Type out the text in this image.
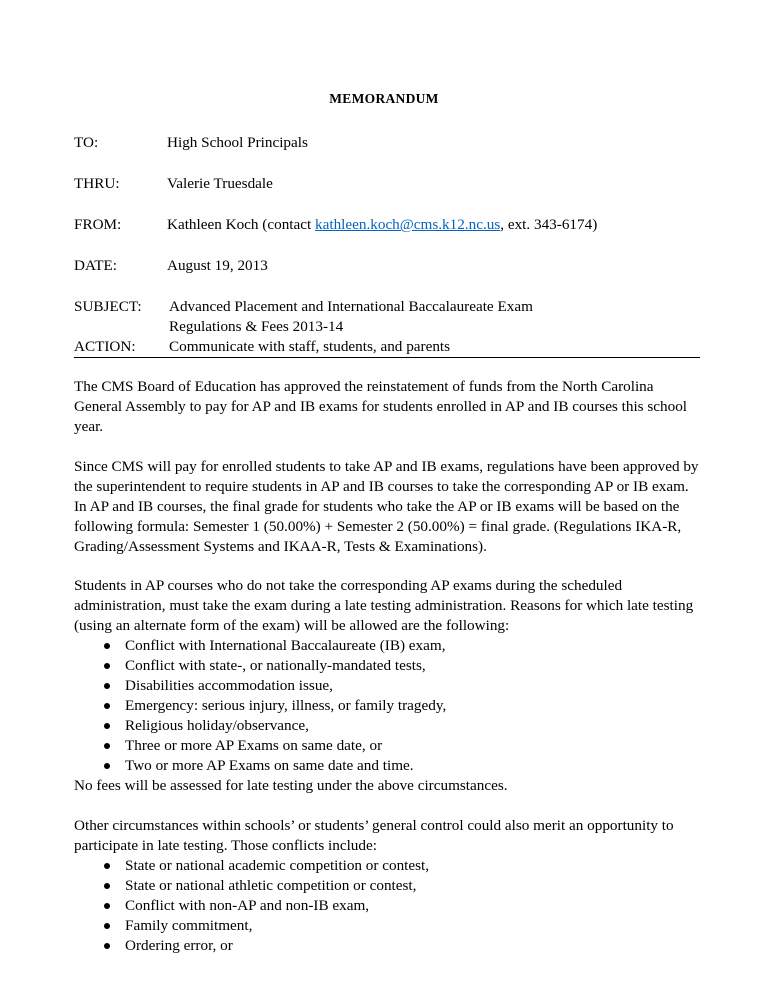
MEMORANDUM
TO:	High School Principals
THRU:	Valerie Truesdale
FROM:	Kathleen Koch (contact kathleen.koch@cms.k12.nc.us, ext. 343-6174)
DATE:	August 19, 2013
SUBJECT: Advanced Placement and International Baccalaureate Exam
Regulations & Fees 2013-14
ACTION: Communicate with staff, students, and parents
The CMS Board of Education has approved the reinstatement of funds from the North Carolina
General Assembly to pay for AP and IB exams for students enrolled in AP and IB courses this school
year.
Since CMS will pay for enrolled students to take AP and IB exams, regulations have been approved by
the superintendent to require students in AP and IB courses to take the corresponding AP or IB exam.
In AP and IB courses, the final grade for students who take the AP or IB exams will be based on the
following formula: Semester 1 (50.00%) + Semester 2 (50.00%) = final grade. (Regulations IKA-R,
Grading/Assessment Systems and IKAA-R, Tests & Examinations).
Students in AP courses who do not take the corresponding AP exams during the scheduled
administration, must take the exam during a late testing administration. Reasons for which late testing
(using an alternate form of the exam) will be allowed are the following:
Conflict with International Baccalaureate (IB) exam,
Conflict with state-, or nationally-mandated tests,
Disabilities accommodation issue,
Emergency: serious injury, illness, or family tragedy,
Religious holiday/observance,
Three or more AP Exams on same date, or
Two or more AP Exams on same date and time.

No fees will be assessed for late testing under the above circumstances.

Other circumstances within schools’ or students’ general control could also merit an opportunity to
participate in late testing. Those conflicts include:
State or national academic competition or contest,
State or national athletic competition or contest,
Conflict with non-AP and non-IB exam,
Family commitment,
Ordering error, or
